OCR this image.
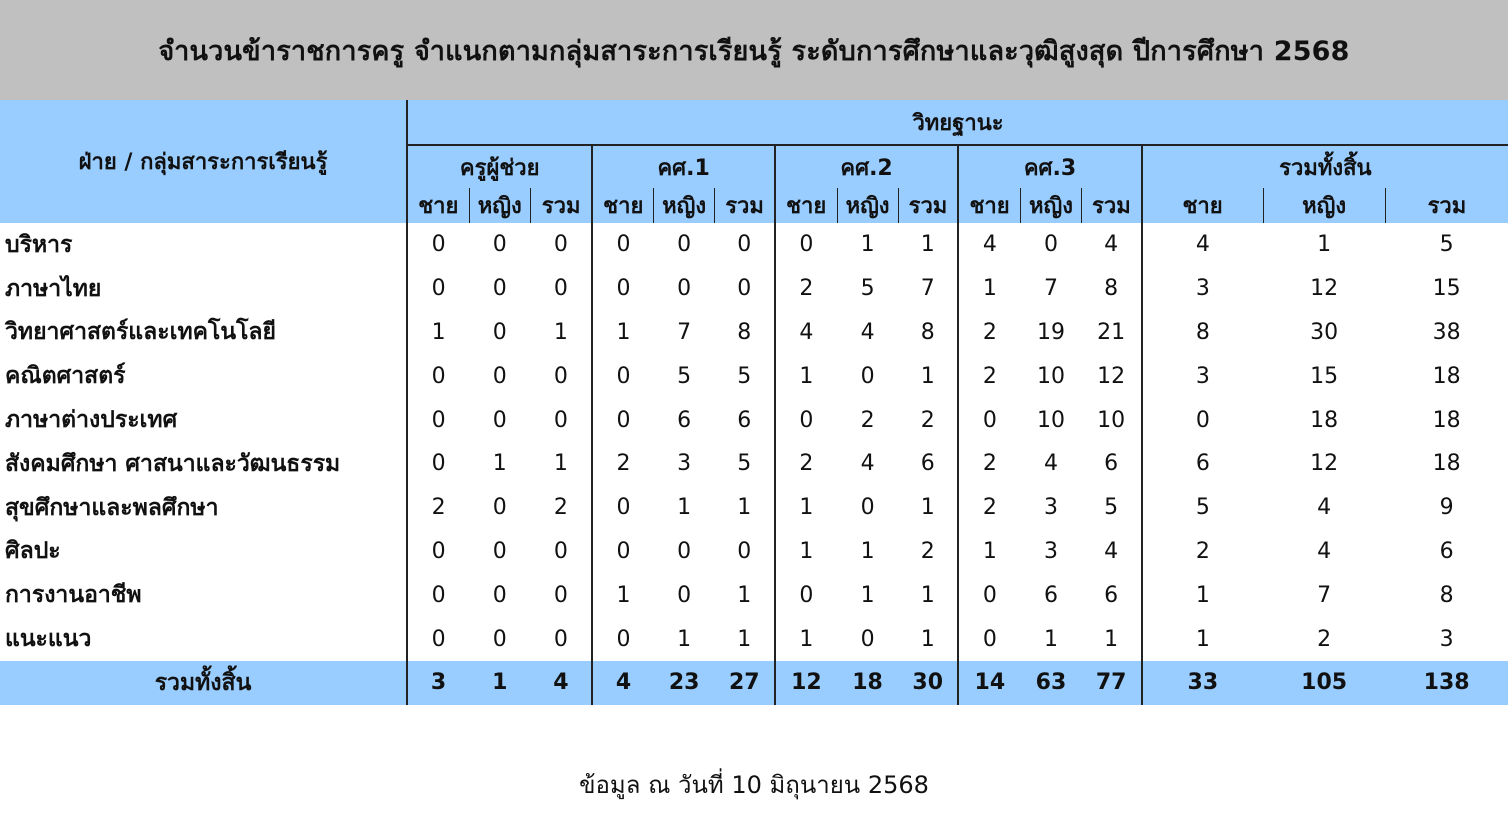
จำนวนข้าราชการครู จำแนกตามกลุ่มสาระการเรียนรู้ ระดับการศึกษาและวุฒิสูงสุด ปีการศึกษา 2568
ฝ่าย / กลุ่มสาระการเรียนรู้	วิทยฐานะ														
	ครูผู้ช่วย			คศ.1			คศ.2			คศ.3			รวมทั้งสิ้น		
	ชาย	หญิง	รวม	ชาย	หญิง	รวม	ชาย	หญิง	รวม	ชาย	หญิง	รวม	ชาย	หญิง	รวม
บริหาร	0	0	0	0	0	0	0	1	1	4	0	4	4	1	5
ภาษาไทย	0	0	0	0	0	0	2	5	7	1	7	8	3	12	15
วิทยาศาสตร์และเทคโนโลยี	1	0	1	1	7	8	4	4	8	2	19	21	8	30	38
คณิตศาสตร์	0	0	0	0	5	5	1	0	1	2	10	12	3	15	18
ภาษาต่างประเทศ	0	0	0	0	6	6	0	2	2	0	10	10	0	18	18
สังคมศึกษา ศาสนาและวัฒนธรรม	0	1	1	2	3	5	2	4	6	2	4	6	6	12	18
สุขศึกษาและพลศึกษา	2	0	2	0	1	1	1	0	1	2	3	5	5	4	9
ศิลปะ	0	0	0	0	0	0	1	1	2	1	3	4	2	4	6
การงานอาชีพ	0	0	0	1	0	1	0	1	1	0	6	6	1	7	8
แนะแนว	0	0	0	0	1	1	1	0	1	0	1	1	1	2	3
รวมทั้งสิ้น	3	1	4	4	23	27	12	18	30	14	63	77	33	105	138
ข้อมูล ณ วันที่ 10 มิถุนายน 2568
